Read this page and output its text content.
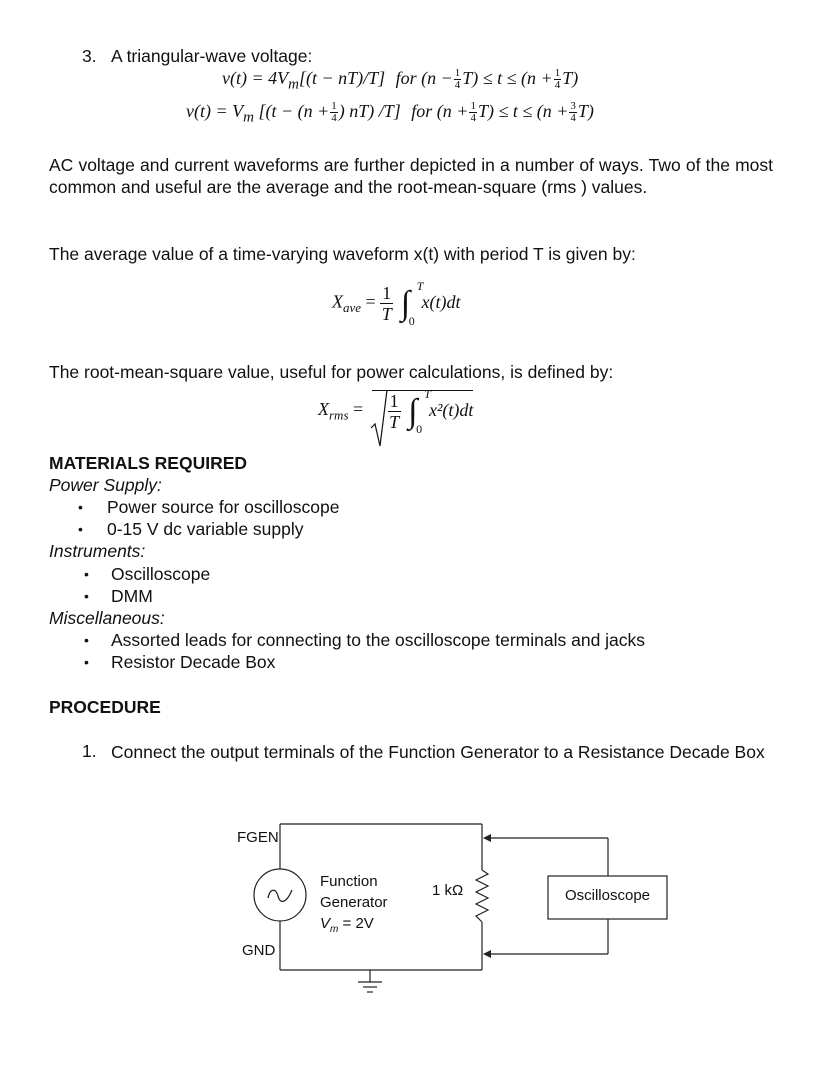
3. A triangular-wave voltage:
$v(t) = 4V_m[(t - nT)/T]$ for $(n - \frac{1}{4} T) \le t \le (n + \frac{1}{4} T)$
$v(t) = V_m$ [($t - (n + \frac{1}{4}$ ) nT) /T] for $(n + \frac{1}{4} T) \le t \le (n + \frac{3}{4} T)$
AC voltage and current waveforms are further depicted in a number of ways. Two of the most common and useful are the average and the root-mean-square (rms ) values.
The average value of a time-varying waveform x(t) with period T is given by:
$X_{ave} = \frac{1}{T}$ ∫ T
0
x(t)dt
The root-mean-square value, useful for power calculations, is defined by:
$X_{rms} = \frac{1}{T}$ ∫ T
0
x²(t)dt
MATERIALS REQUIRED
Power Supply:
• Power source for oscilloscope
• 0-15 V dc variable supply
Instruments:
• Oscilloscope
• DMM
Miscellaneous:
• Assorted leads for connecting to the oscilloscope terminals and jacks
• Resistor Decade Box
PROCEDURE
1. Connect the output terminals of the Function Generator to a Resistance Decade Box
FGEN
GND
Function
Generator
$V_m = 2V$
1 kΩ	Oscilloscope
